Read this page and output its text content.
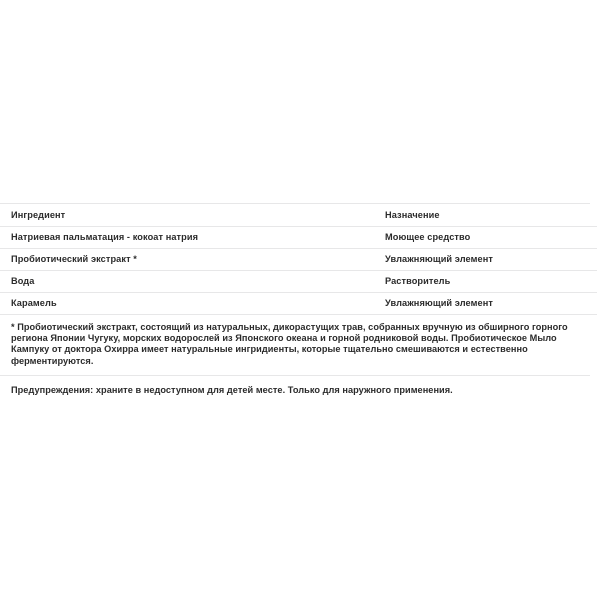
Ингредиент	Назначение
Натриевая пальматация - кокоат натрия	Моющее средство
Пробиотический экстракт *	Увлажняющий элемент
Вода	Растворитель
Карамель	Увлажняющий элемент

* Пробиотический экстракт, состоящий из натуральных, дикорастущих трав, собранных вручную из обширного горного региона Японии Чугуку, морских водорослей из Японского океана и горной родниковой воды. Пробиотическое Мыло Кампуку от доктора Охирра имеет натуральные ингридиенты, которые тщательно смешиваются и естественно ферментируются.

Предупреждения: храните в недоступном для детей месте. Только для наружного применения.
